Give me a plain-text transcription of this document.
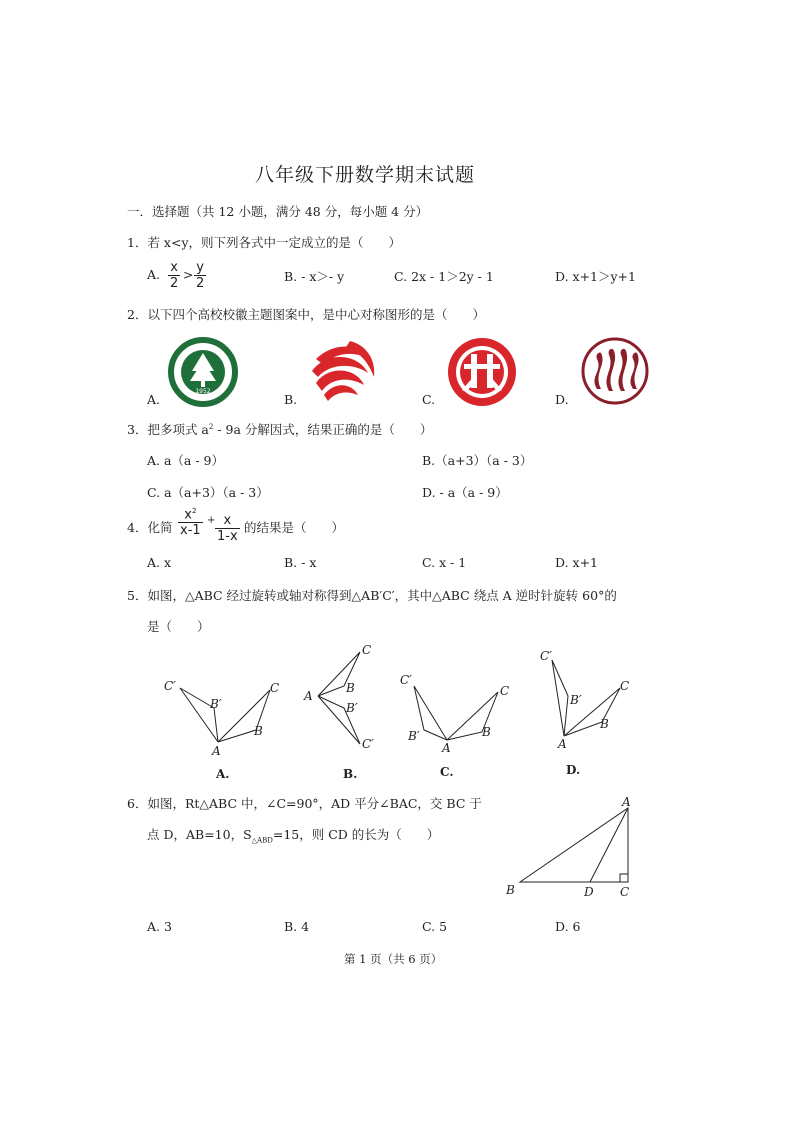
八年级下册数学期末试题
一．选择题（共 12 小题，满分 48 分，每小题 4 分）
1．若 x<y，则下列各式中一定成立的是（　　）
A. $\frac{x}{2} > \frac{y}{2}$	B. - x＞- y	C. 2x - 1＞2y - 1	D. x+1＞y+1
2．以下四个高校校徽主题图案中，是中心对称图形的是（　　）
1952
A.	B.	C.	D.
3．把多项式 $a^2 - 9a$ 分解因式，结果正确的是（　　）
A. a（a - 9）	B.（a+3）（a - 3）
C. a（a+3）（a - 3）	D. - a（a - 9）
4．化简 $\frac{x^2}{x-1} + \frac{x}{1-x}$ 的结果是（　　）
A. x	B. - x	C. x - 1	D. x+1
5．如图，△ABC 经过旋转或轴对称得到△AB′C′，其中△ABC 绕点 A 逆时针旋转 60°的
是（　　）
C′
B′
C
B
A
A.
A
C
B
B′
C′
B.
C′
B′
C
B
A
C.
C′
B′
C
B
A
D.
6．如图，Rt△ABC 中，∠C=90°，AD 平分∠BAC，交 BC 于
点 D，AB=10，$S_{\triangle ABD}=15$，则 CD 的长为（　　）
A
B	D C
A. 3	B. 4	C. 5	D. 6
第 1 页（共 6 页）
